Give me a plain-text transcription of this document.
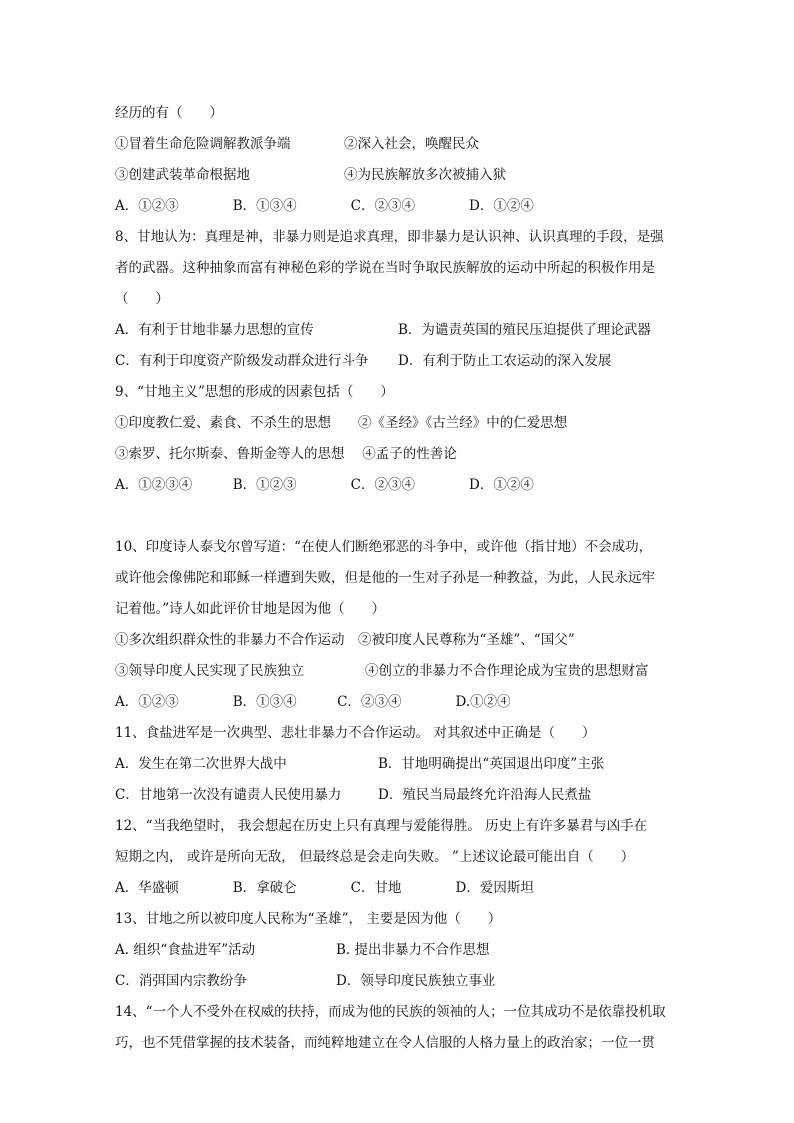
经历的有（　　）
①冒着生命危险调解教派争端	②深入社会，唤醒民众
③创建武装革命根据地	④为民族解放多次被捕入狱
A．①②③　　　　B．①③④　　　　C．②③④　　　　D．①②④
8、甘地认为：真理是神，非暴力则是追求真理，即非暴力是认识神、认识真理的手段，是强
者的武器。这种抽象而富有神秘色彩的学说在当时争取民族解放的运动中所起的积极作用是
（　　）
A．有利于甘地非暴力思想的宣传	B．为谴责英国的殖民压迫提供了理论武器
C．有利于印度资产阶级发动群众进行斗争 D．有利于防止工农运动的深入发展
9、“甘地主义”思想的形成的因素包括（　　）
①印度教仁爱、素食、不杀生的思想　　②《圣经》《古兰经》中的仁爱思想
③索罗、托尔斯泰、鲁斯金等人的思想　 ④孟子的性善论
A．①②③④　　　B．①②③　　　　C．②③④　　　　D．①②④
10、印度诗人泰戈尔曾写道：“在使人们断绝邪恶的斗争中，或许他（指甘地）不会成功，
或许他会像佛陀和耶稣一样遭到失败，但是他的一生对子孙是一种教益，为此，人民永远牢
记着他。”诗人如此评价甘地是因为他（　　）
①多次组织群众性的非暴力不合作运动　②被印度人民尊称为“圣雄”、“国父”
③领导印度人民实现了民族独立	④创立的非暴力不合作理论成为宝贵的思想财富
A．①②③　　　　B．①③④　　　C．②③④　　　　D.①②④
11、食盐进军是一次典型、悲壮非暴力不合作运动。 对其叙述中正确是（　　）
A．发生在第二次世界大战中	B．甘地明确提出“英国退出印度”主张
C．甘地第一次没有谴责人民使用暴力	D．殖民当局最终允许沿海人民煮盐
12、“当我绝望时， 我会想起在历史上只有真理与爱能得胜。 历史上有许多暴君与凶手在
短期之内， 或许是所向无敌， 但最终总是会走向失败。 ”上述议论最可能出自（　　）
A．华盛顿　　　　B．拿破仑　　　　C．甘地　　　　D．爱因斯坦
13、甘地之所以被印度人民称为“圣雄”， 主要是因为他（　　）
A. 组织“食盐进军”活动	B. 提出非暴力不合作思想
C．消弭国内宗教纷争	D．领导印度民族独立事业
14、“一个人不受外在权威的扶持，而成为他的民族的领袖的人；一位其成功不是依靠投机取
巧，也不凭借掌握的技术装备，而纯粹地建立在令人信服的人格力量上的政治家；一位一贯
